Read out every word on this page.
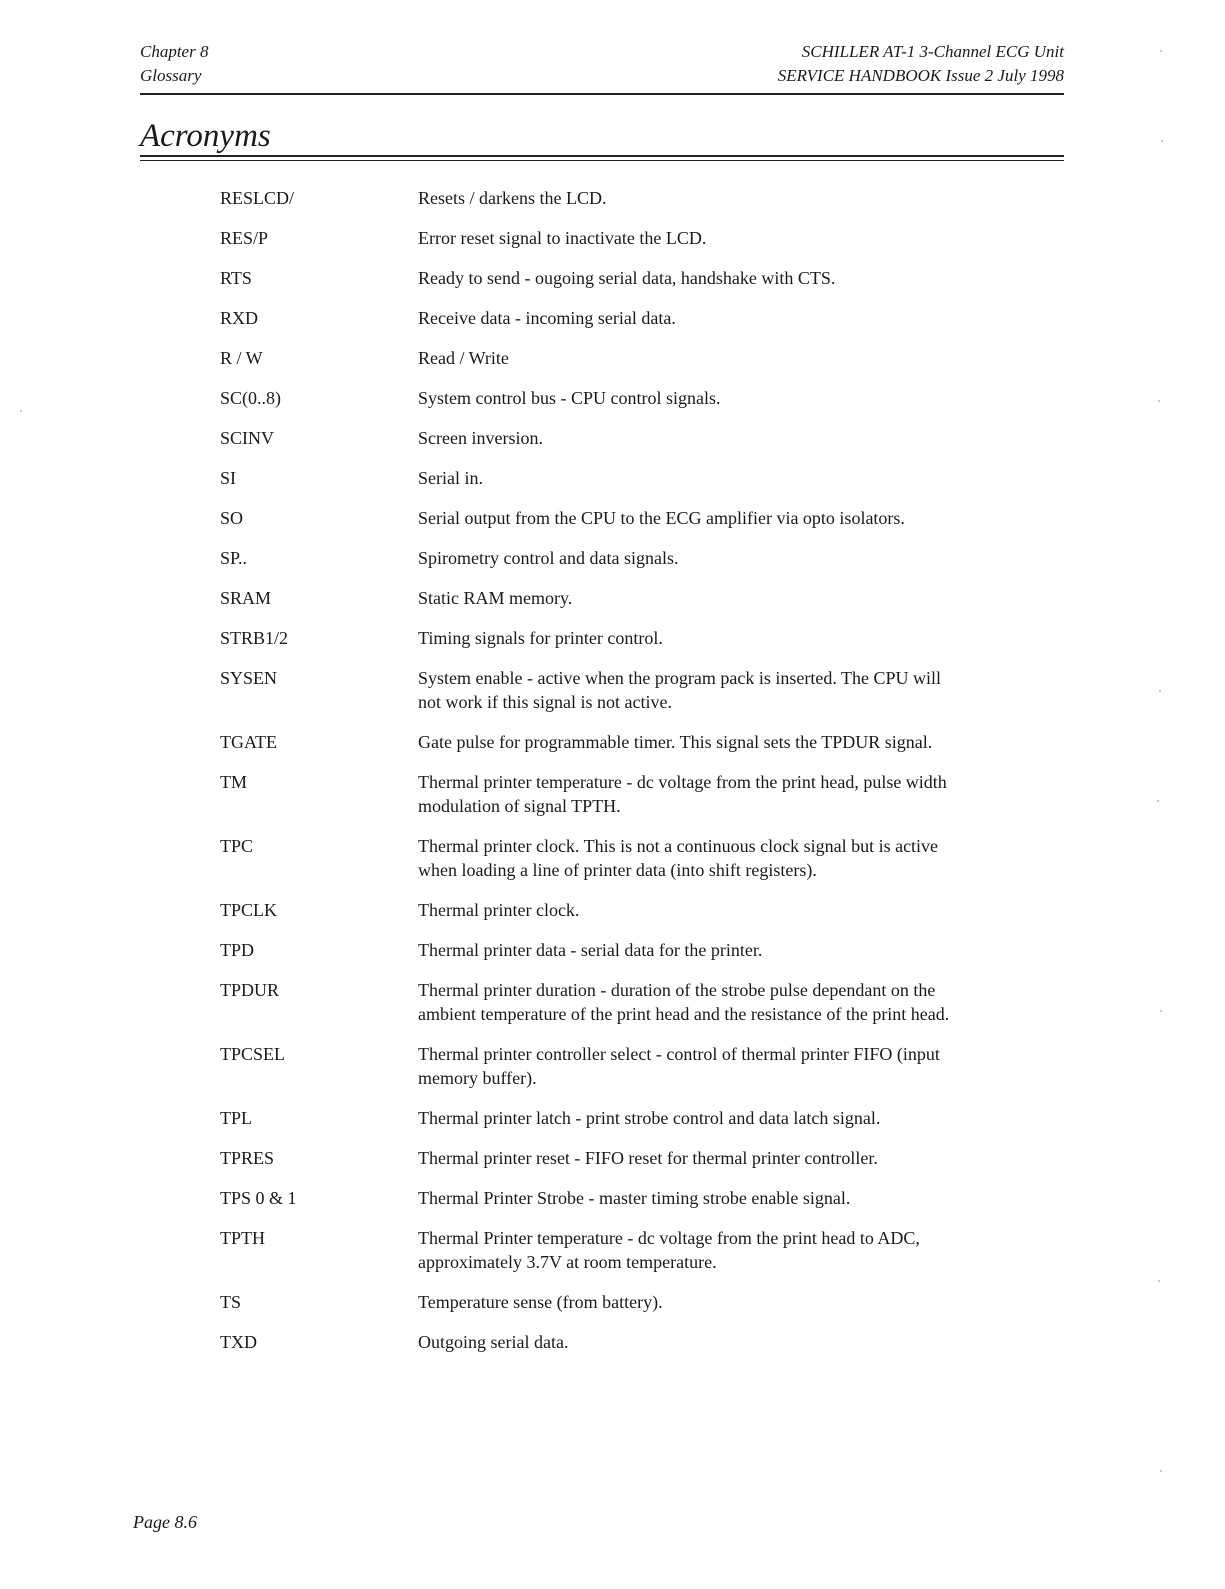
Chapter 8
Glossary
SCHILLER AT-1 3-Channel ECG Unit
SERVICE HANDBOOK Issue 2 July 1998
Acronyms
RESLCD/	Resets / darkens the LCD.
RES/P	Error reset signal to inactivate the LCD.
RTS	Ready to send - ougoing serial data, handshake with CTS.
RXD	Receive data - incoming serial data.
R / W	Read / Write
SC(0..8)	System control bus - CPU control signals.
SCINV	Screen inversion.
SI	Serial in.
SO	Serial output from the CPU to the ECG amplifier via opto isolators.
SP..	Spirometry control and data signals.
SRAM	Static RAM memory.
STRB1/2	Timing signals for printer control.
SYSEN	System enable - active when the program pack is inserted. The CPU will not work if this signal is not active.
TGATE	Gate pulse for programmable timer. This signal sets the TPDUR signal.
TM	Thermal printer temperature - dc voltage from the print head, pulse width modulation of signal TPTH.
TPC	Thermal printer clock. This is not a continuous clock signal but is active when loading a line of printer data (into shift registers).
TPCLK	Thermal printer clock.
TPD	Thermal printer data - serial data for the printer.
TPDUR	Thermal printer duration - duration of the strobe pulse dependant on the ambient temperature of the print head and the resistance of the print head.
TPCSEL	Thermal printer controller select - control of thermal printer FIFO (input memory buffer).
TPL	Thermal printer latch - print strobe control and data latch signal.
TPRES	Thermal printer reset - FIFO reset for thermal printer controller.
TPS 0 & 1	Thermal Printer Strobe - master timing strobe enable signal.
TPTH	Thermal Printer temperature - dc voltage from the print head to ADC, approximately 3.7V at room temperature.
TS	Temperature sense (from battery).
TXD	Outgoing serial data.
Page 8.6
